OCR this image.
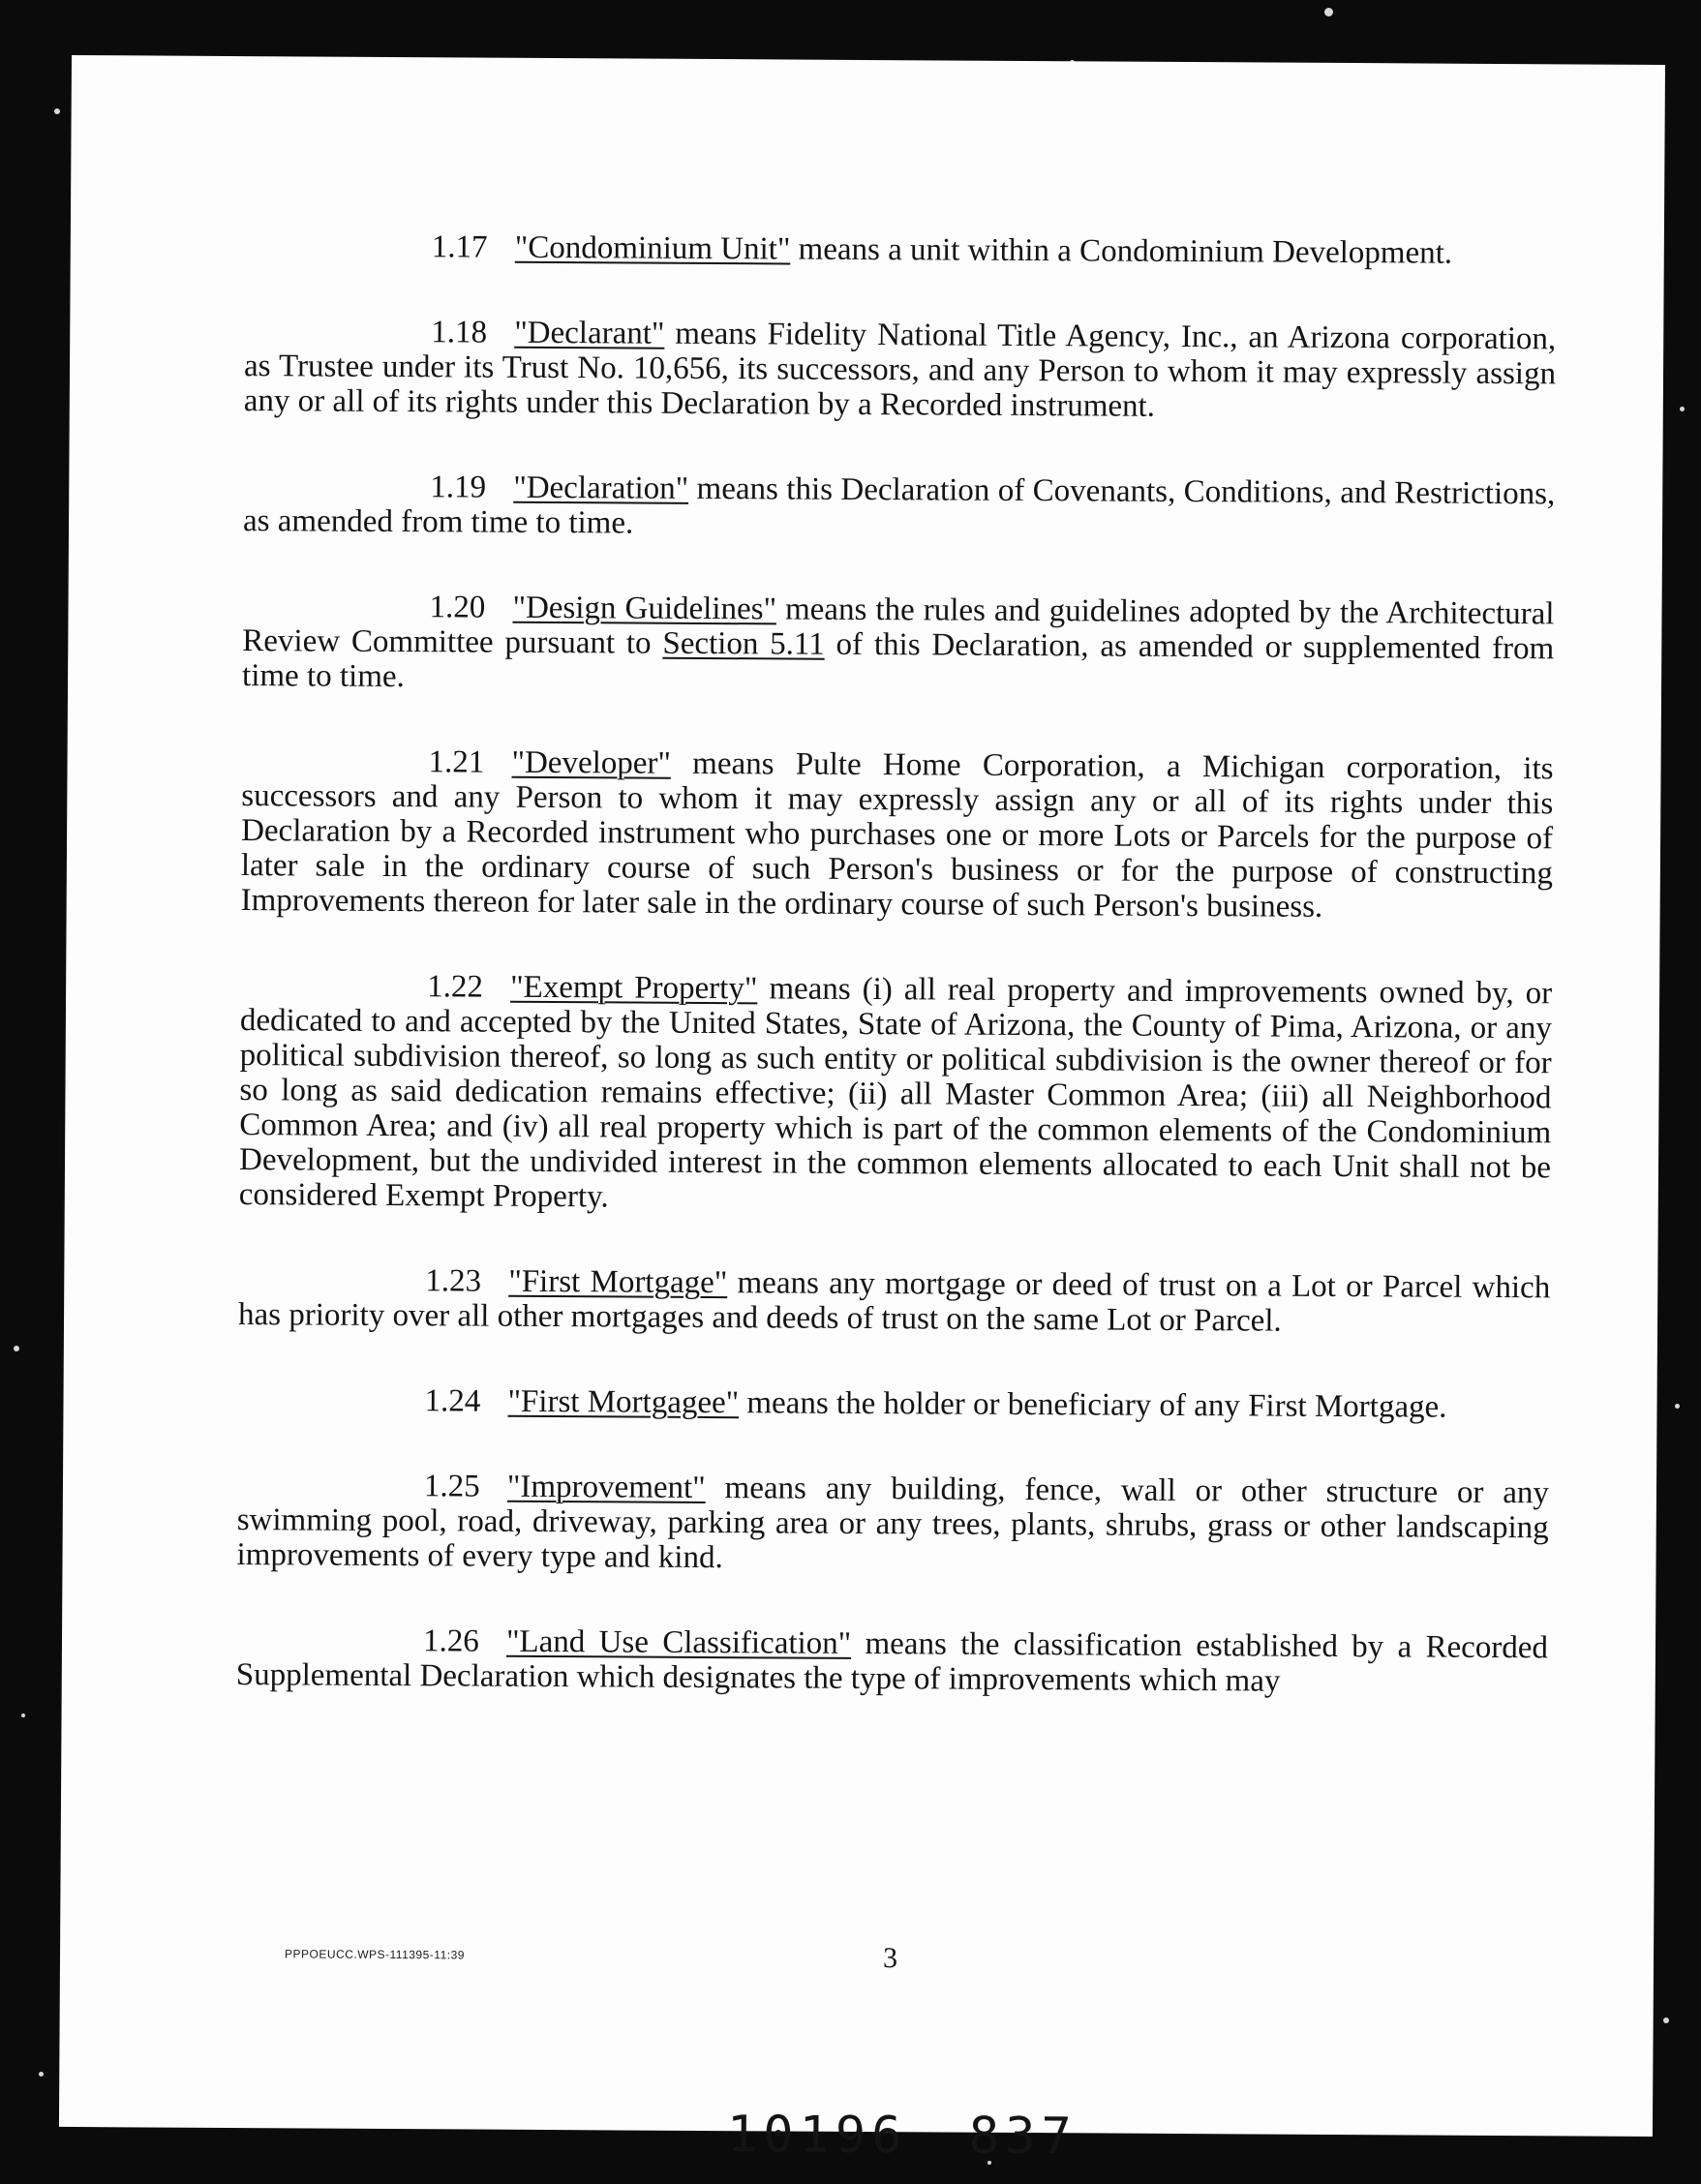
1.17 "Condominium Unit" means a unit within a Condominium Development.

1.18 "Declarant" means Fidelity National Title Agency, Inc., an Arizona corporation, as Trustee under its Trust No. 10,656, its successors, and any Person to whom it may expressly assign any or all of its rights under this Declaration by a Recorded instrument.

1.19 "Declaration" means this Declaration of Covenants, Conditions, and Restrictions, as amended from time to time.

1.20 "Design Guidelines" means the rules and guidelines adopted by the Architectural Review Committee pursuant to Section 5.11 of this Declaration, as amended or supplemented from time to time.

1.21 "Developer" means Pulte Home Corporation, a Michigan corporation, its successors and any Person to whom it may expressly assign any or all of its rights under this Declaration by a Recorded instrument who purchases one or more Lots or Parcels for the purpose of later sale in the ordinary course of such Person's business or for the purpose of constructing Improvements thereon for later sale in the ordinary course of such Person's business.

1.22 "Exempt Property" means (i) all real property and improvements owned by, or dedicated to and accepted by the United States, State of Arizona, the County of Pima, Arizona, or any political subdivision thereof, so long as such entity or political subdivision is the owner thereof or for so long as said dedication remains effective; (ii) all Master Common Area; (iii) all Neighborhood Common Area; and (iv) all real property which is part of the common elements of the Condominium Development, but the undivided interest in the common elements allocated to each Unit shall not be considered Exempt Property.

1.23 "First Mortgage" means any mortgage or deed of trust on a Lot or Parcel which has priority over all other mortgages and deeds of trust on the same Lot or Parcel.

1.24 "First Mortgagee" means the holder or beneficiary of any First Mortgage.

1.25 "Improvement" means any building, fence, wall or other structure or any swimming pool, road, driveway, parking area or any trees, plants, shrubs, grass or other landscaping improvements of every type and kind.

1.26 "Land Use Classification" means the classification established by a Recorded Supplemental Declaration which designates the type of improvements which may

PPPOEUCC.WPS-111395-11:39	3
10196 837
